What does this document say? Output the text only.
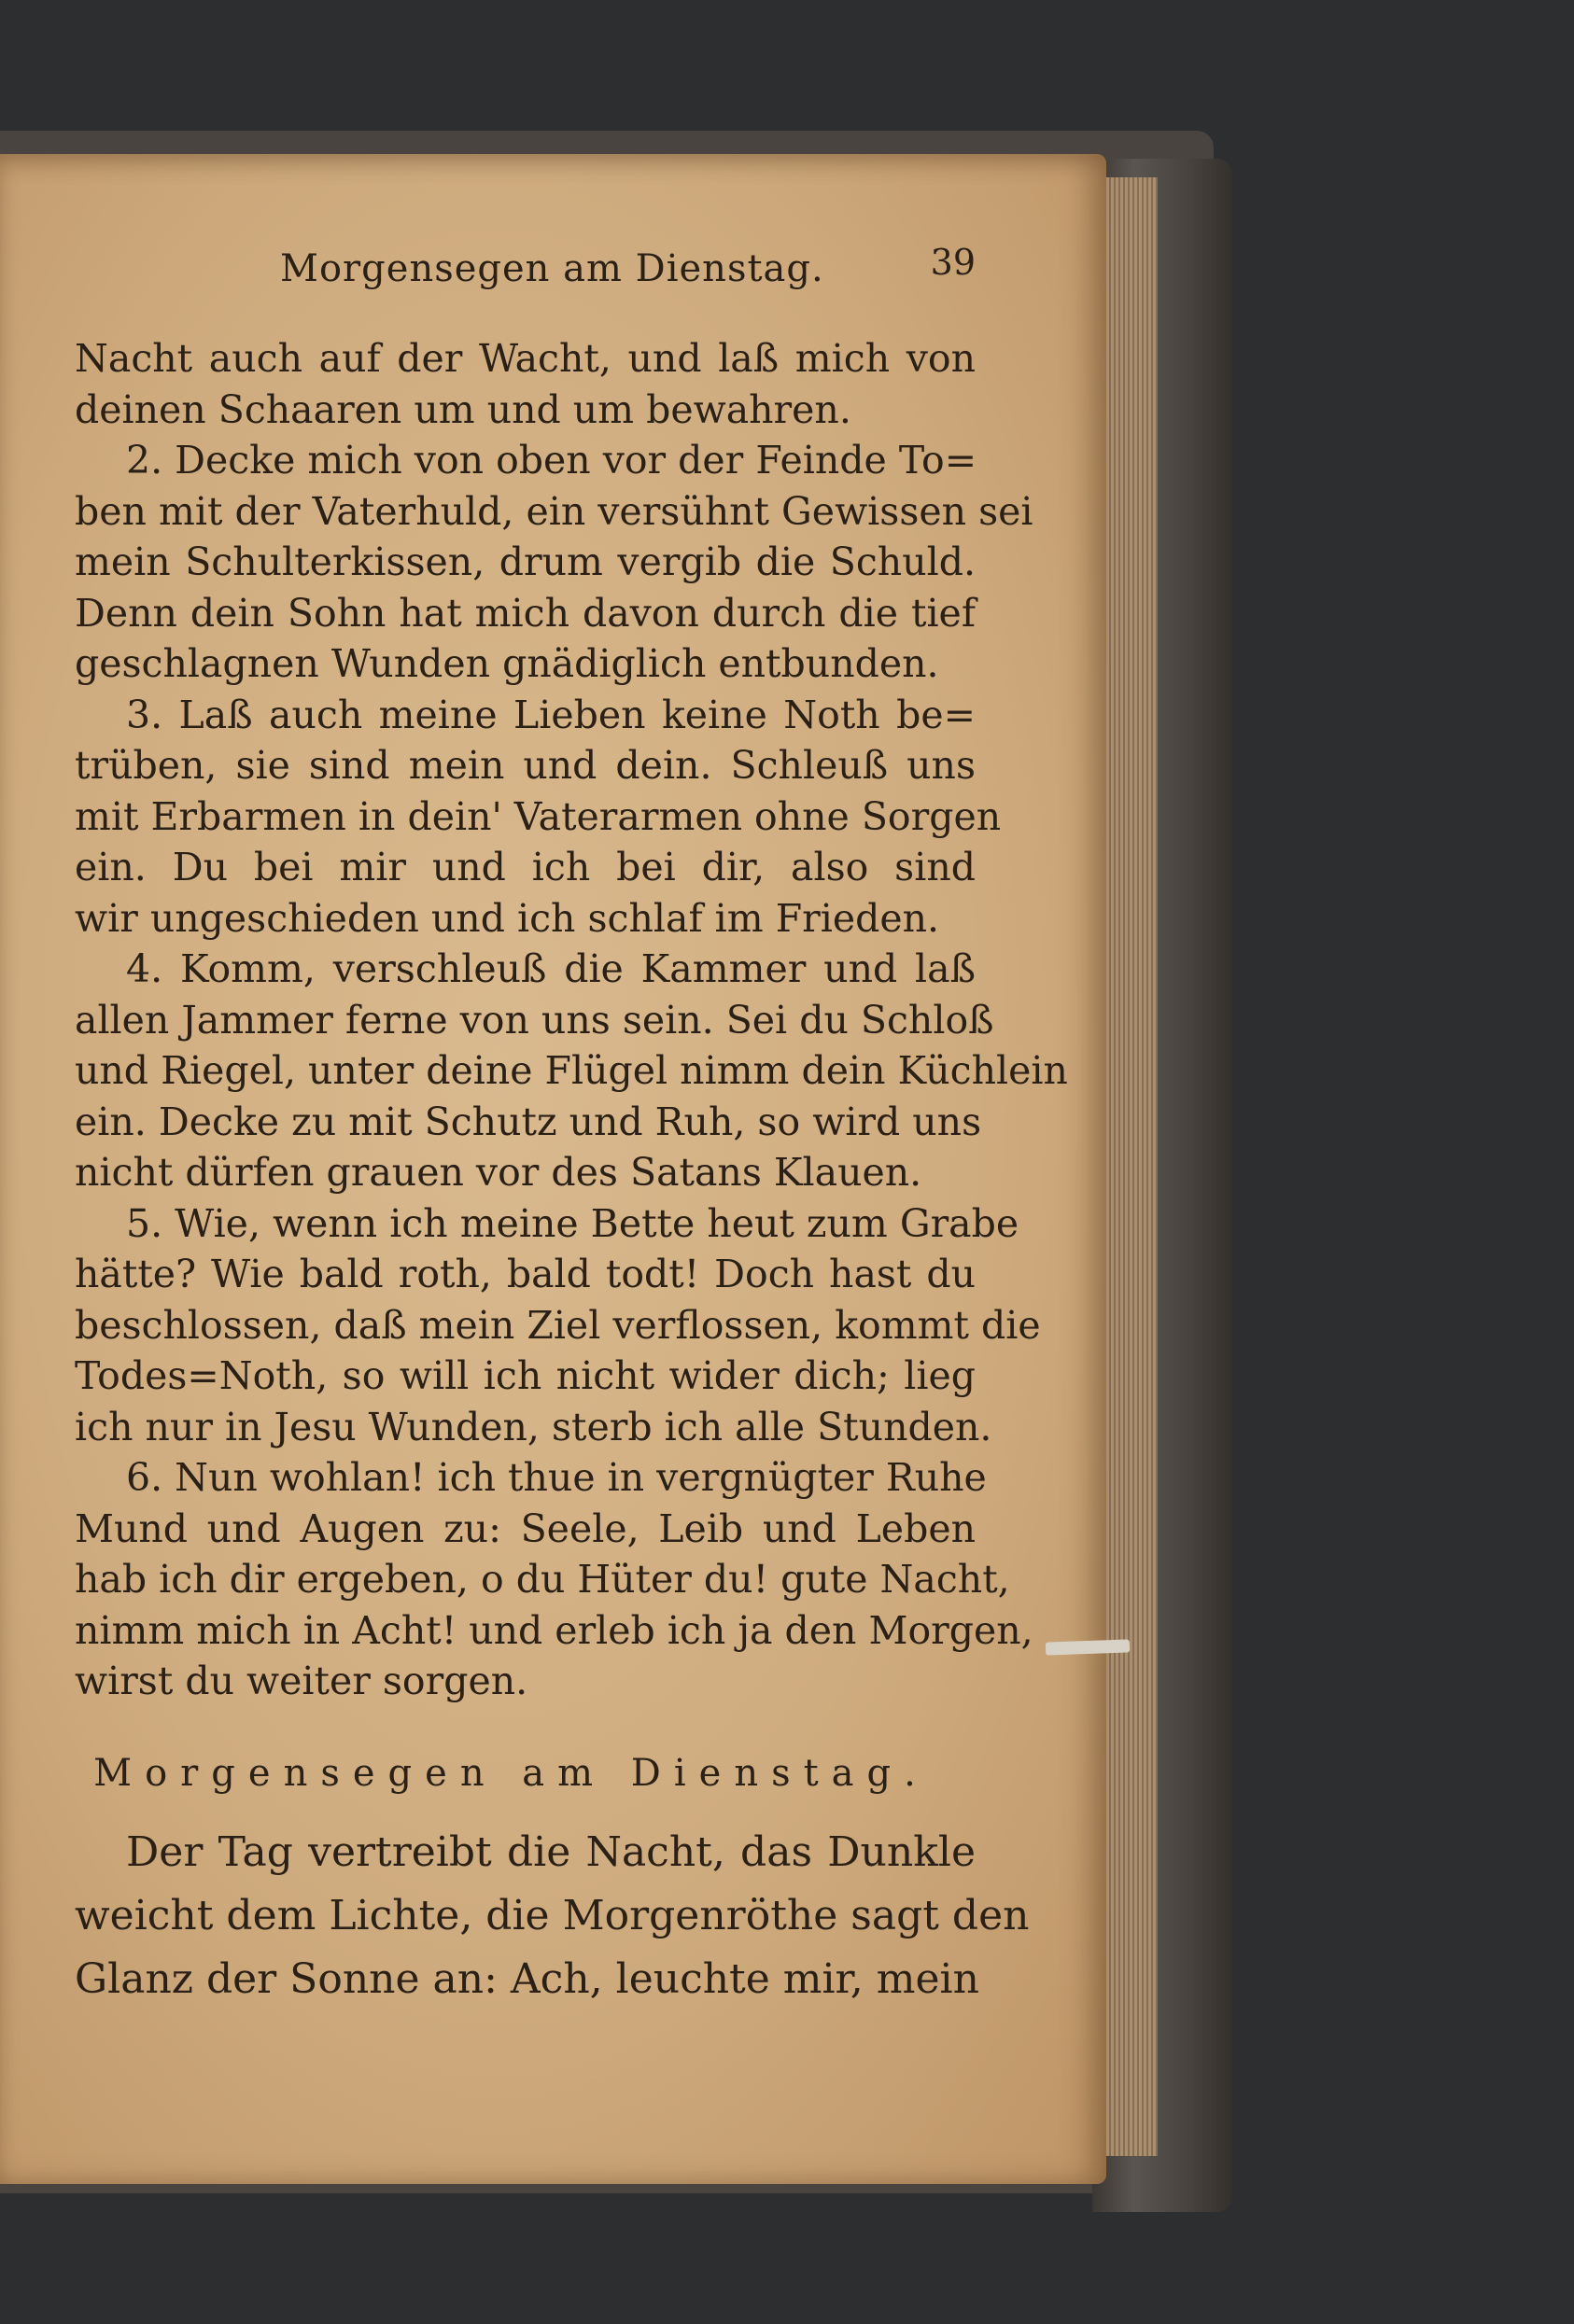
Morgensegen am Dienstag.	39
Nacht auch auf der Wacht, und laß mich von
deinen Schaaren um und um bewahren.
2. Decke mich von oben vor der Feinde To=
ben mit der Vaterhuld, ein versühnt Gewissen sei
mein Schulterkissen, drum vergib die Schuld.
Denn dein Sohn hat mich davon durch die tief
geschlagnen Wunden gnädiglich entbunden.
3. Laß auch meine Lieben keine Noth be=
trüben, sie sind mein und dein. Schleuß uns
mit Erbarmen in dein' Vaterarmen ohne Sorgen
ein. Du bei mir und ich bei dir, also sind
wir ungeschieden und ich schlaf im Frieden.
4. Komm, verschleuß die Kammer und laß
allen Jammer ferne von uns sein. Sei du Schloß
und Riegel, unter deine Flügel nimm dein Küchlein
ein. Decke zu mit Schutz und Ruh, so wird uns
nicht dürfen grauen vor des Satans Klauen.
5. Wie, wenn ich meine Bette heut zum Grabe
hätte? Wie bald roth, bald todt! Doch hast du
beschlossen, daß mein Ziel verflossen, kommt die
Todes=Noth, so will ich nicht wider dich; lieg
ich nur in Jesu Wunden, sterb ich alle Stunden.
6. Nun wohlan! ich thue in vergnügter Ruhe
Mund und Augen zu: Seele, Leib und Leben
hab ich dir ergeben, o du Hüter du! gute Nacht,
nimm mich in Acht! und erleb ich ja den Morgen,
wirst du weiter sorgen.
Morgensegen am Dienstag.
Der Tag vertreibt die Nacht, das Dunkle
weicht dem Lichte, die Morgenröthe sagt den
Glanz der Sonne an: Ach, leuchte mir, mein
